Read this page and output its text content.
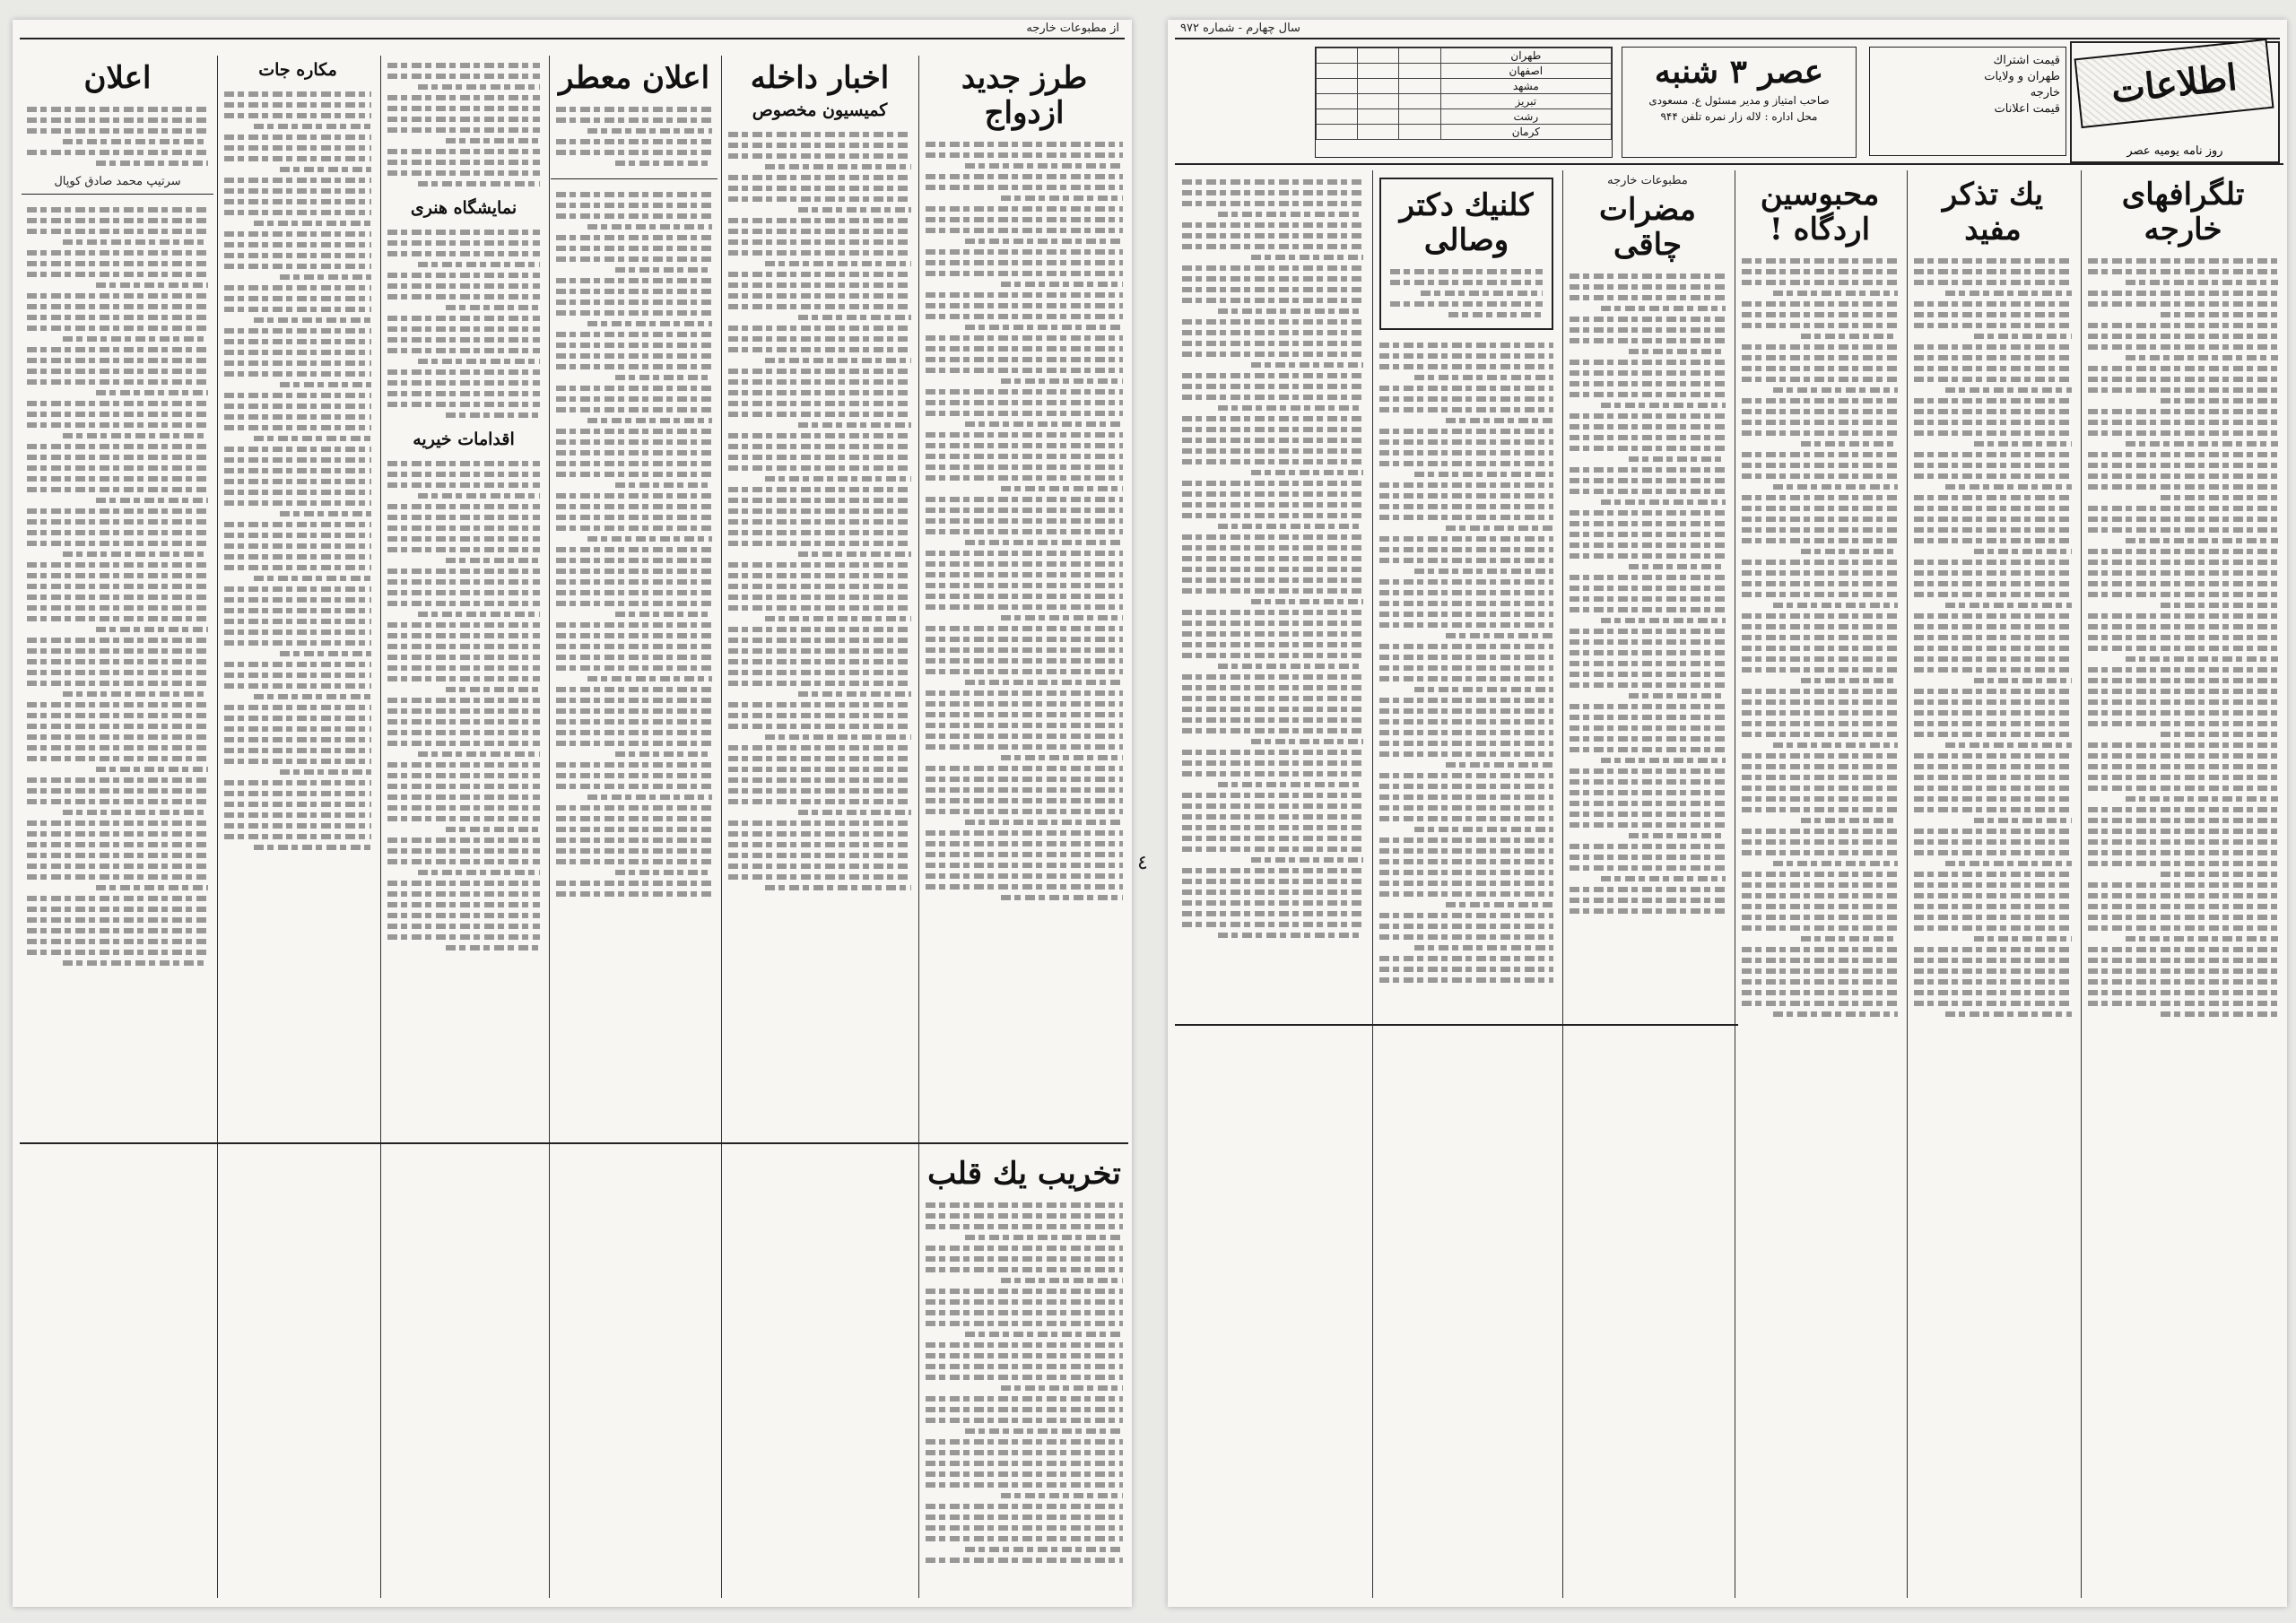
از مطبوعات خارجه
طرز جدید ازدواج
اخبار داخله
کمیسیون مخصوص
اعلان معطر
نمایشگاه هنری
اقدامات خیریه
مکاره جات
اعلان
سرتیپ محمد صادق کوپال
تخریب یك قلب
٤
سال چهارم - شماره ۹۷۲
اطلاعات
روز نامه یومیه عصر
قیمت اشتراك
طهران و ولایات
خارجه
قیمت اعلانات
عصر ۳ شنبه
صاحب امتیاز و مدیر مسئول ع. مسعودی
محل اداره : لاله زار نمره تلفن ۹۴۴
طهران			
اصفهان			
مشهد			
تبریز			
رشت			
کرمان			
تلگرافهای خارجه
یك تذکر مفید
محبوسین اردگاه !
مطبوعات خارجه
مضرات چاقی
کلنیك دکتر وصالی
